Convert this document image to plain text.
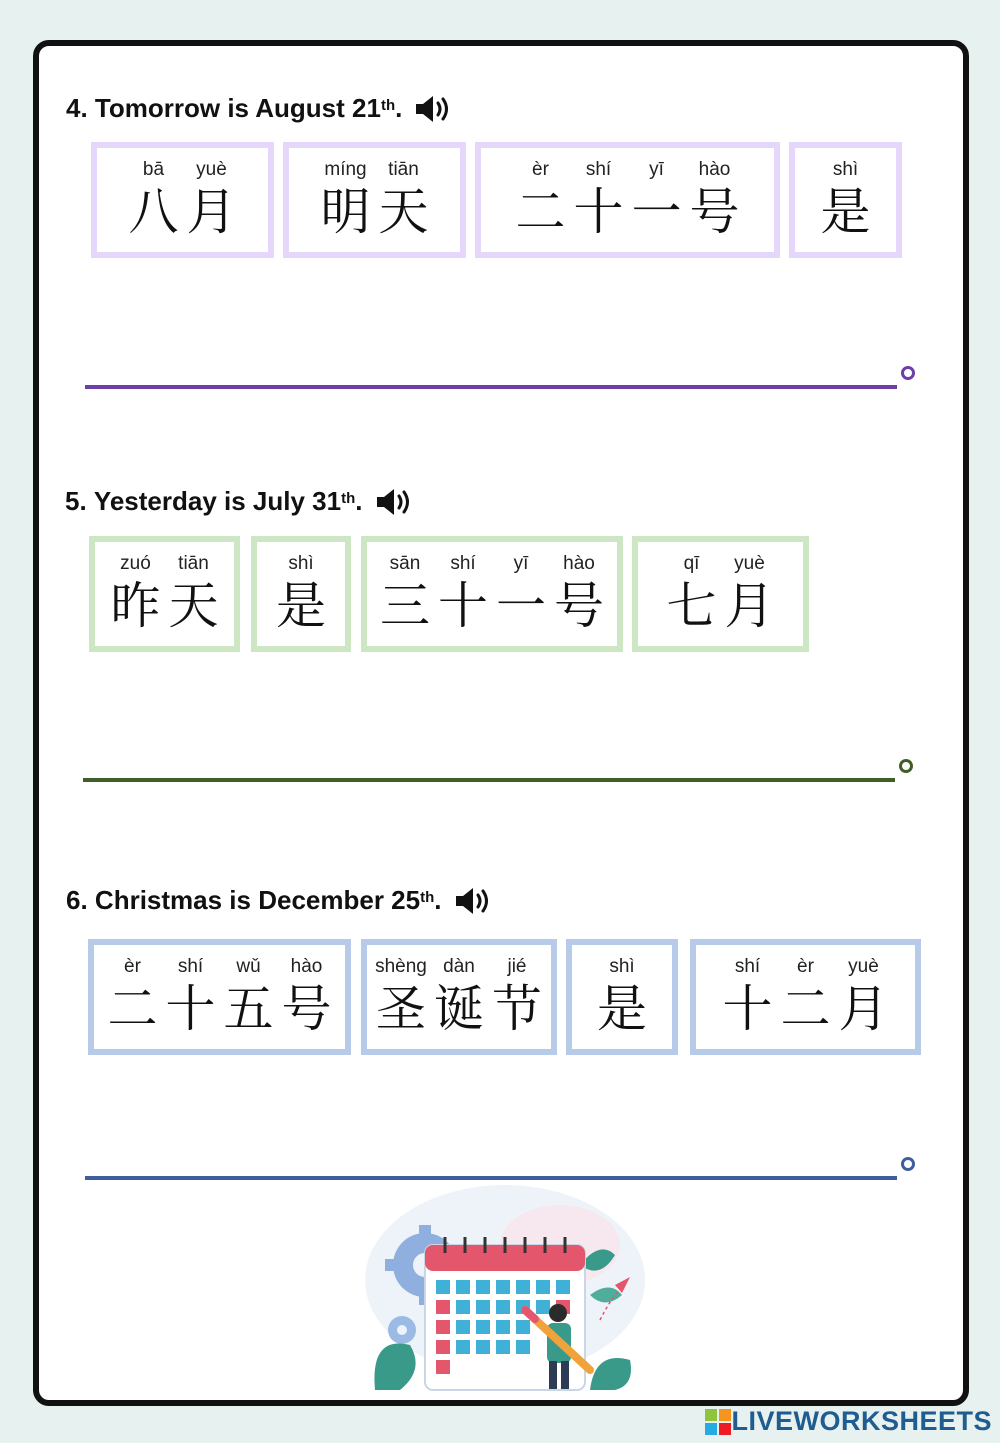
4.
Tomorrow is August 21th .
bā
八
yuè
月
míng
明
tiān
天
èr
二
shí
十
yī
一
hào
号
shì
是
5.
Yesterday is July 31th .
zuó
昨
tiān
天
shì
是
sān
三
shí
十
yī
一
hào
号
qī
七
yuè
月
6.
Christmas is December 25th .
èr
二
shí
十
wǔ
五
hào
号
shèng
圣
dàn
诞
jié
节
shì
是
shí
十
èr
二
yuè
月
LIVEWORKSHEETS
